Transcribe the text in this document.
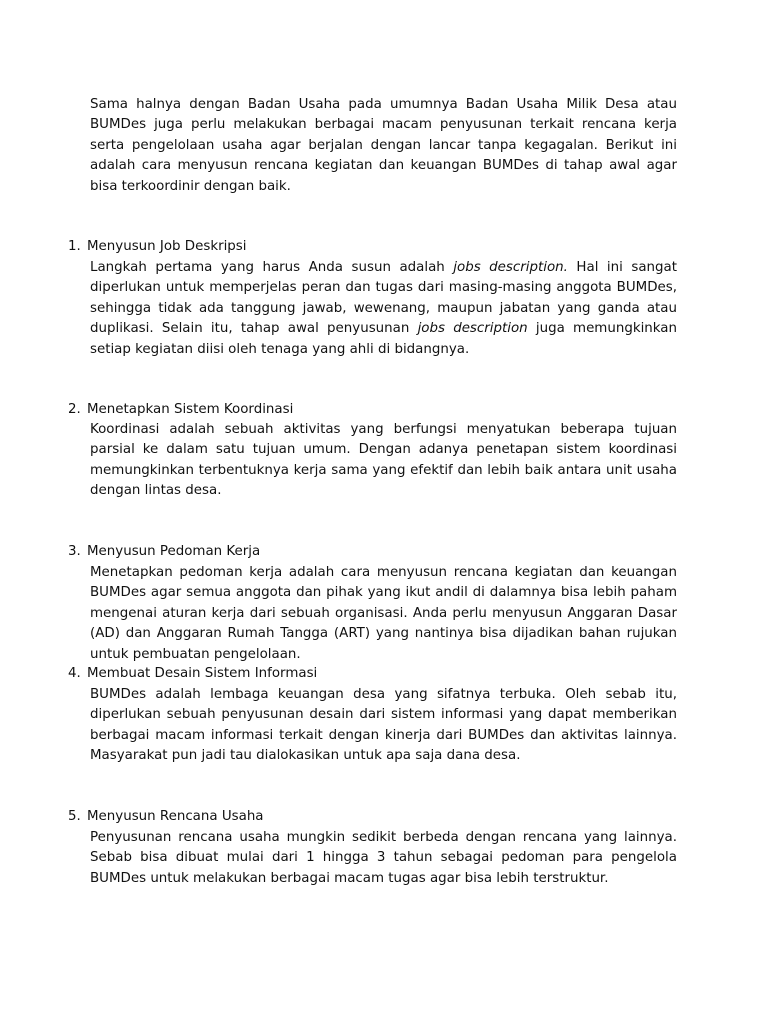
Sama halnya dengan Badan Usaha pada umumnya Badan Usaha Milik Desa atau BUMDes juga perlu melakukan berbagai macam penyusunan terkait rencana kerja serta pengelolaan usaha agar berjalan dengan lancar tanpa kegagalan. Berikut ini adalah cara menyusun rencana kegiatan dan keuangan BUMDes di tahap awal agar bisa terkoordinir dengan baik.

1. Menyusun Job Deskripsi

Langkah pertama yang harus Anda susun adalah jobs description. Hal ini sangat diperlukan untuk memperjelas peran dan tugas dari masing-masing anggota BUMDes, sehingga tidak ada tanggung jawab, wewenang, maupun jabatan yang ganda atau duplikasi. Selain itu, tahap awal penyusunan jobs description juga memungkinkan setiap kegiatan diisi oleh tenaga yang ahli di bidangnya.

2. Menetapkan Sistem Koordinasi

Koordinasi adalah sebuah aktivitas yang berfungsi menyatukan beberapa tujuan parsial ke dalam satu tujuan umum. Dengan adanya penetapan sistem koordinasi memungkinkan terbentuknya kerja sama yang efektif dan lebih baik antara unit usaha dengan lintas desa.

3. Menyusun Pedoman Kerja

Menetapkan pedoman kerja adalah cara menyusun rencana kegiatan dan keuangan BUMDes agar semua anggota dan pihak yang ikut andil di dalamnya bisa lebih paham mengenai aturan kerja dari sebuah organisasi. Anda perlu menyusun Anggaran Dasar (AD) dan Anggaran Rumah Tangga (ART) yang nantinya bisa dijadikan bahan rujukan untuk pembuatan pengelolaan.

4. Membuat Desain Sistem Informasi

BUMDes adalah lembaga keuangan desa yang sifatnya terbuka. Oleh sebab itu, diperlukan sebuah penyusunan desain dari sistem informasi yang dapat memberikan berbagai macam informasi terkait dengan kinerja dari BUMDes dan aktivitas lainnya. Masyarakat pun jadi tau dialokasikan untuk apa saja dana desa.

5. Menyusun Rencana Usaha

Penyusunan rencana usaha mungkin sedikit berbeda dengan rencana yang lainnya. Sebab bisa dibuat mulai dari 1 hingga 3 tahun sebagai pedoman para pengelola BUMDes untuk melakukan berbagai macam tugas agar bisa lebih terstruktur.
